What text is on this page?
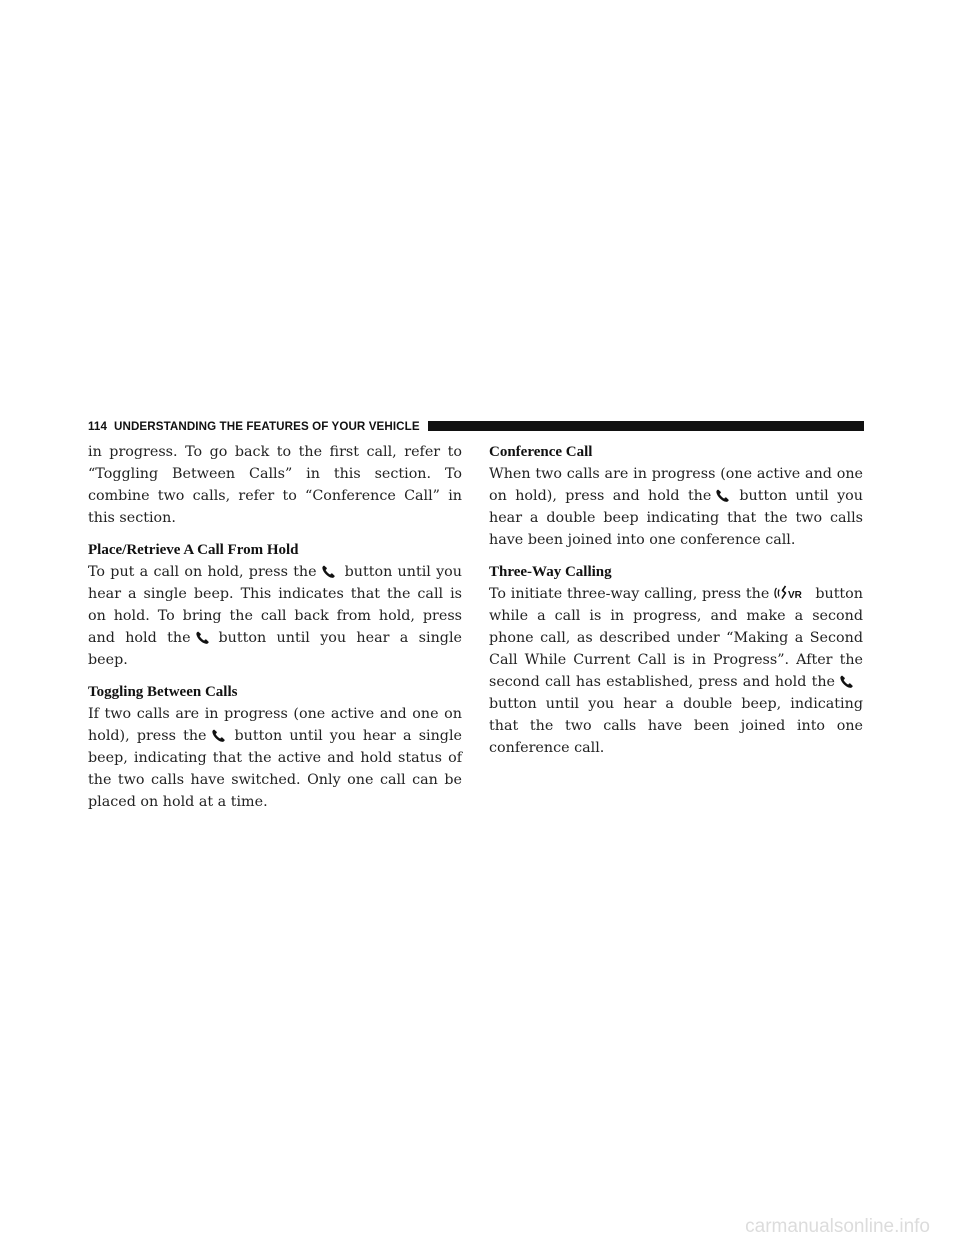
114 UNDERSTANDING THE FEATURES OF YOUR VEHICLE

in progress. To go back to the first call, refer to “Toggling Between Calls” in this section. To combine two calls, refer to “Conference Call” in this section.

Place/Retrieve A Call From Hold

To put a call on hold, press the button until you hear a single beep. This indicates that the call is on hold. To bring the call back from hold, press and hold the button until you hear a single beep.

Toggling Between Calls

If two calls are in progress (one active and one on hold), press the button until you hear a single beep, indicating that the active and hold status of the two calls have switched. Only one call can be placed on hold at a time.

Conference Call

When two calls are in progress (one active and one on hold), press and hold the button until you hear a double beep indicating that the two calls have been joined into one conference call.

Three-Way Calling

To initiate three-way calling, press the VR button while a call is in progress, and make a second phone call, as described under “Making a Second Call While Current Call is in Progress”. After the second call has established, press and hold the
button until you hear a double beep, indicating that the two calls have been joined into one conference call.

carmanualsonline.info
